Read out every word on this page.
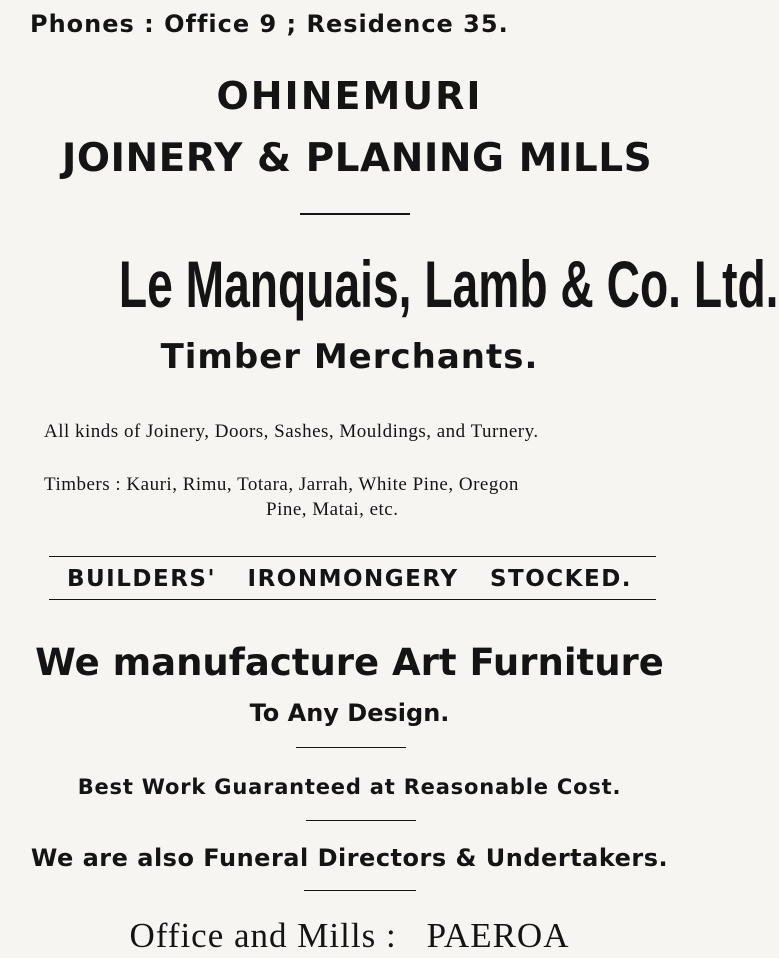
Phones : Office 9 ; Residence 35.

OHINEMURI
JOINERY & PLANING MILLS
Le Manquais, Lamb & Co. Ltd.
Timber Merchants.

All kinds of Joinery, Doors, Sashes, Mouldings, and Turnery.

Timbers : Kauri, Rimu, Totara, Jarrah, White Pine, Oregon

Pine, Matai, etc.

BUILDERS' IRONMONGERY STOCKED.

We manufacture Art Furniture

To Any Design.

Best Work Guaranteed at Reasonable Cost.

We are also Funeral Directors & Undertakers.

Office and Mills : PAEROA
